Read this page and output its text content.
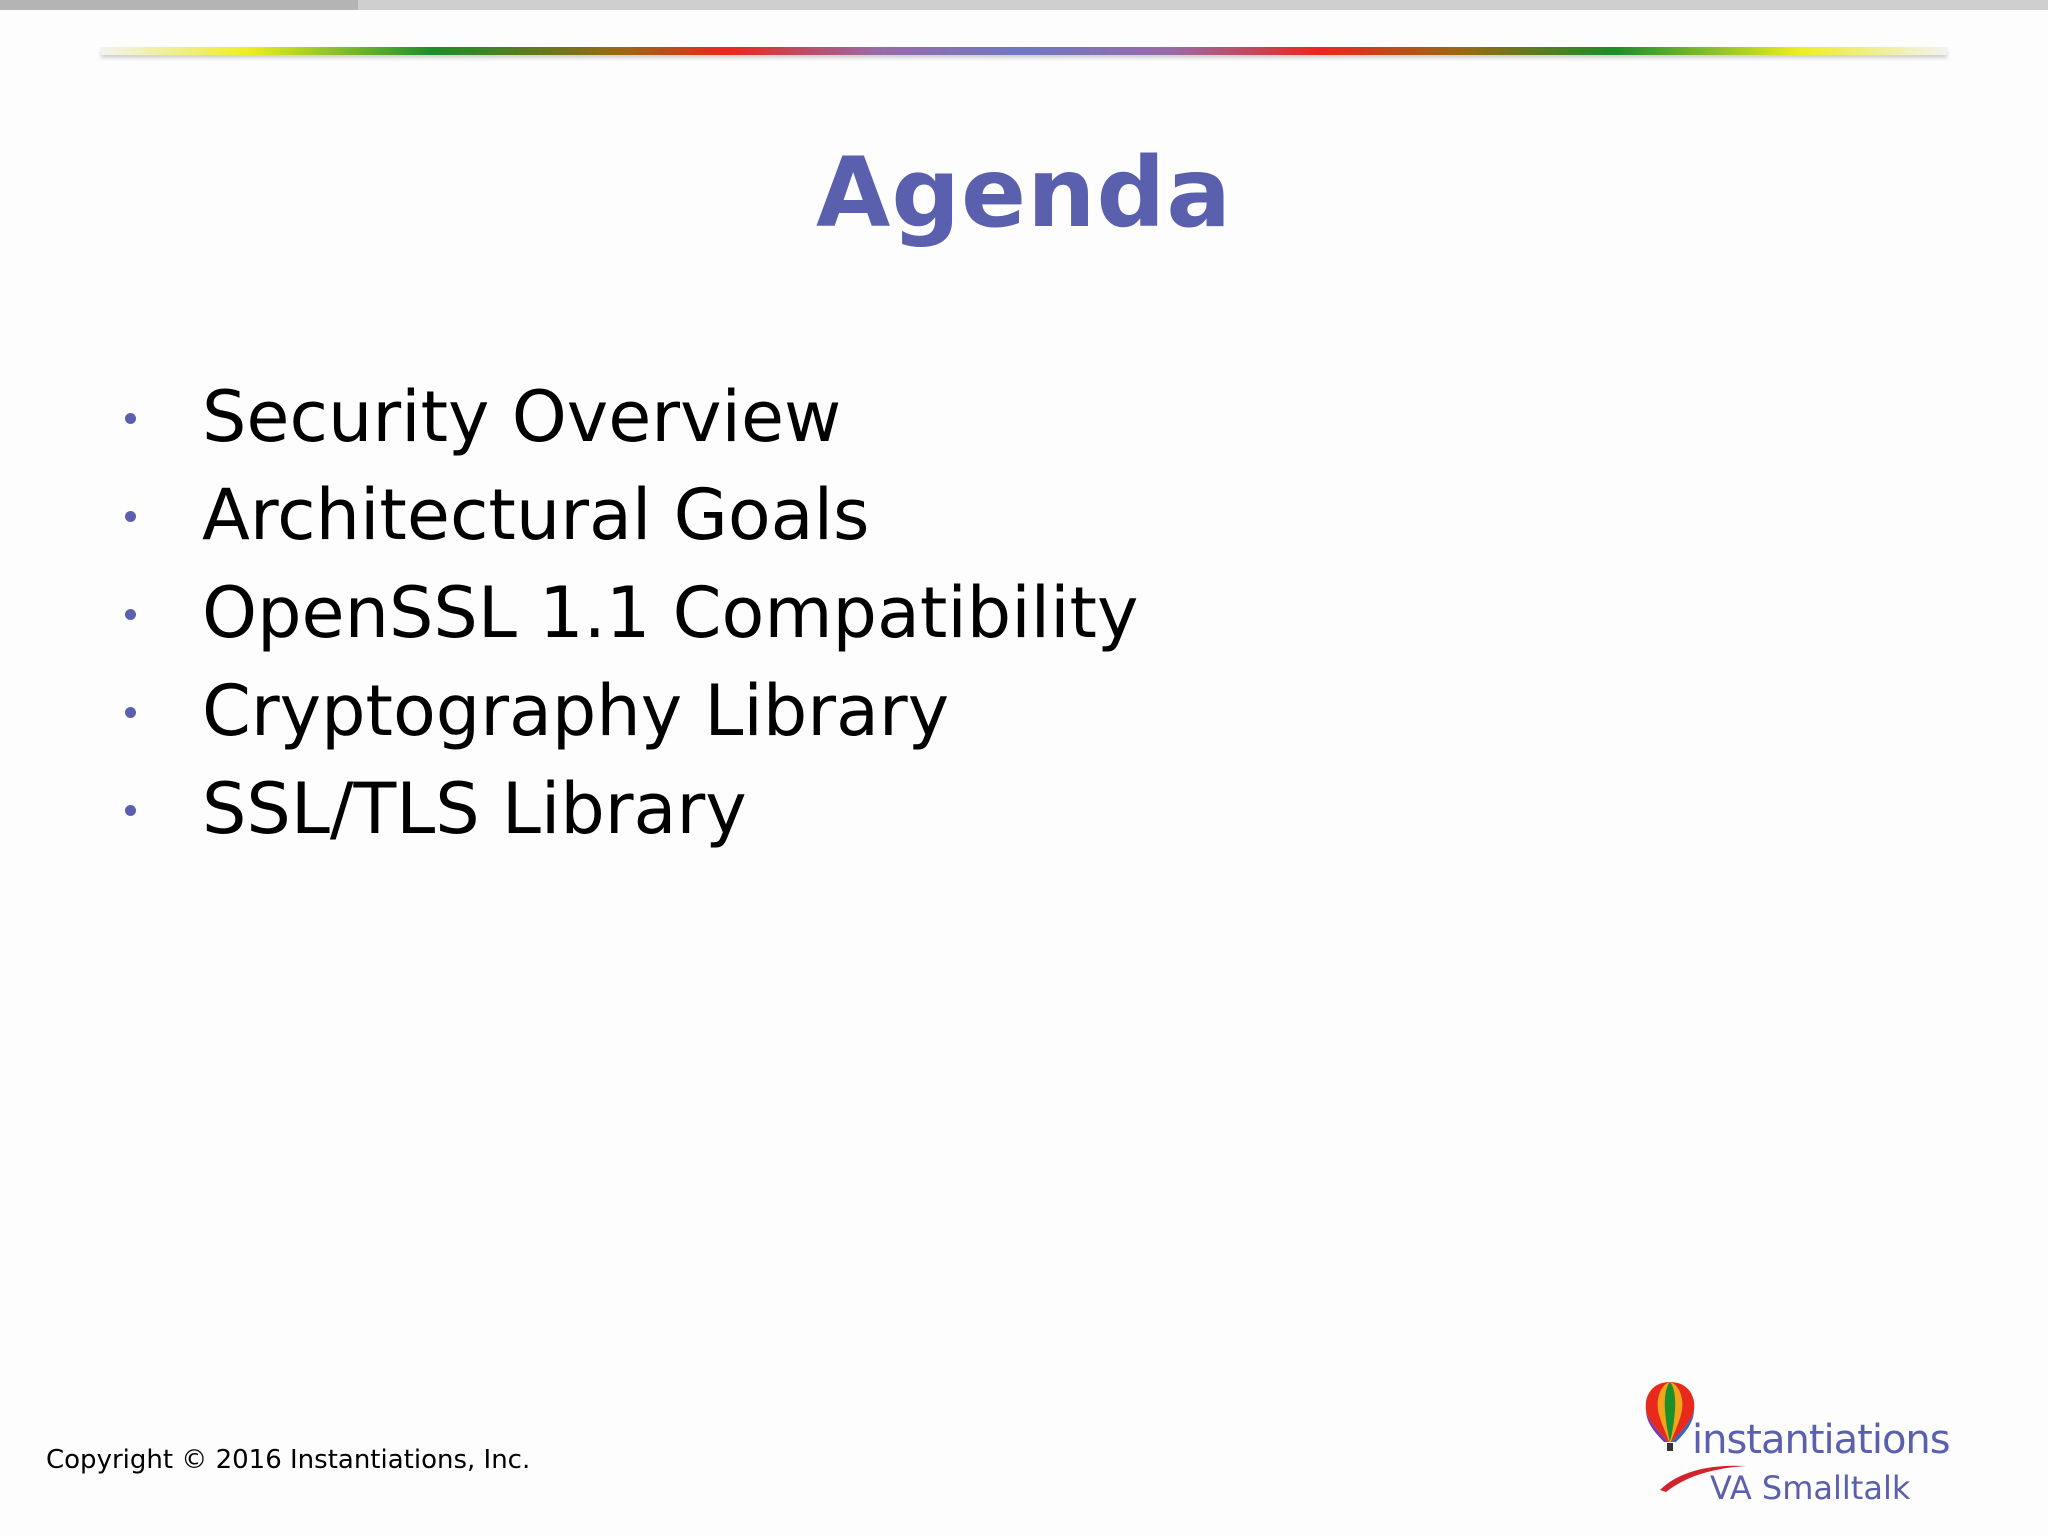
Agenda
Security Overview
Architectural Goals
OpenSSL 1.1 Compatibility
Cryptography Library
SSL/TLS Library
Copyright © 2016 Instantiations, Inc.	instantiations
VA Smalltalk
